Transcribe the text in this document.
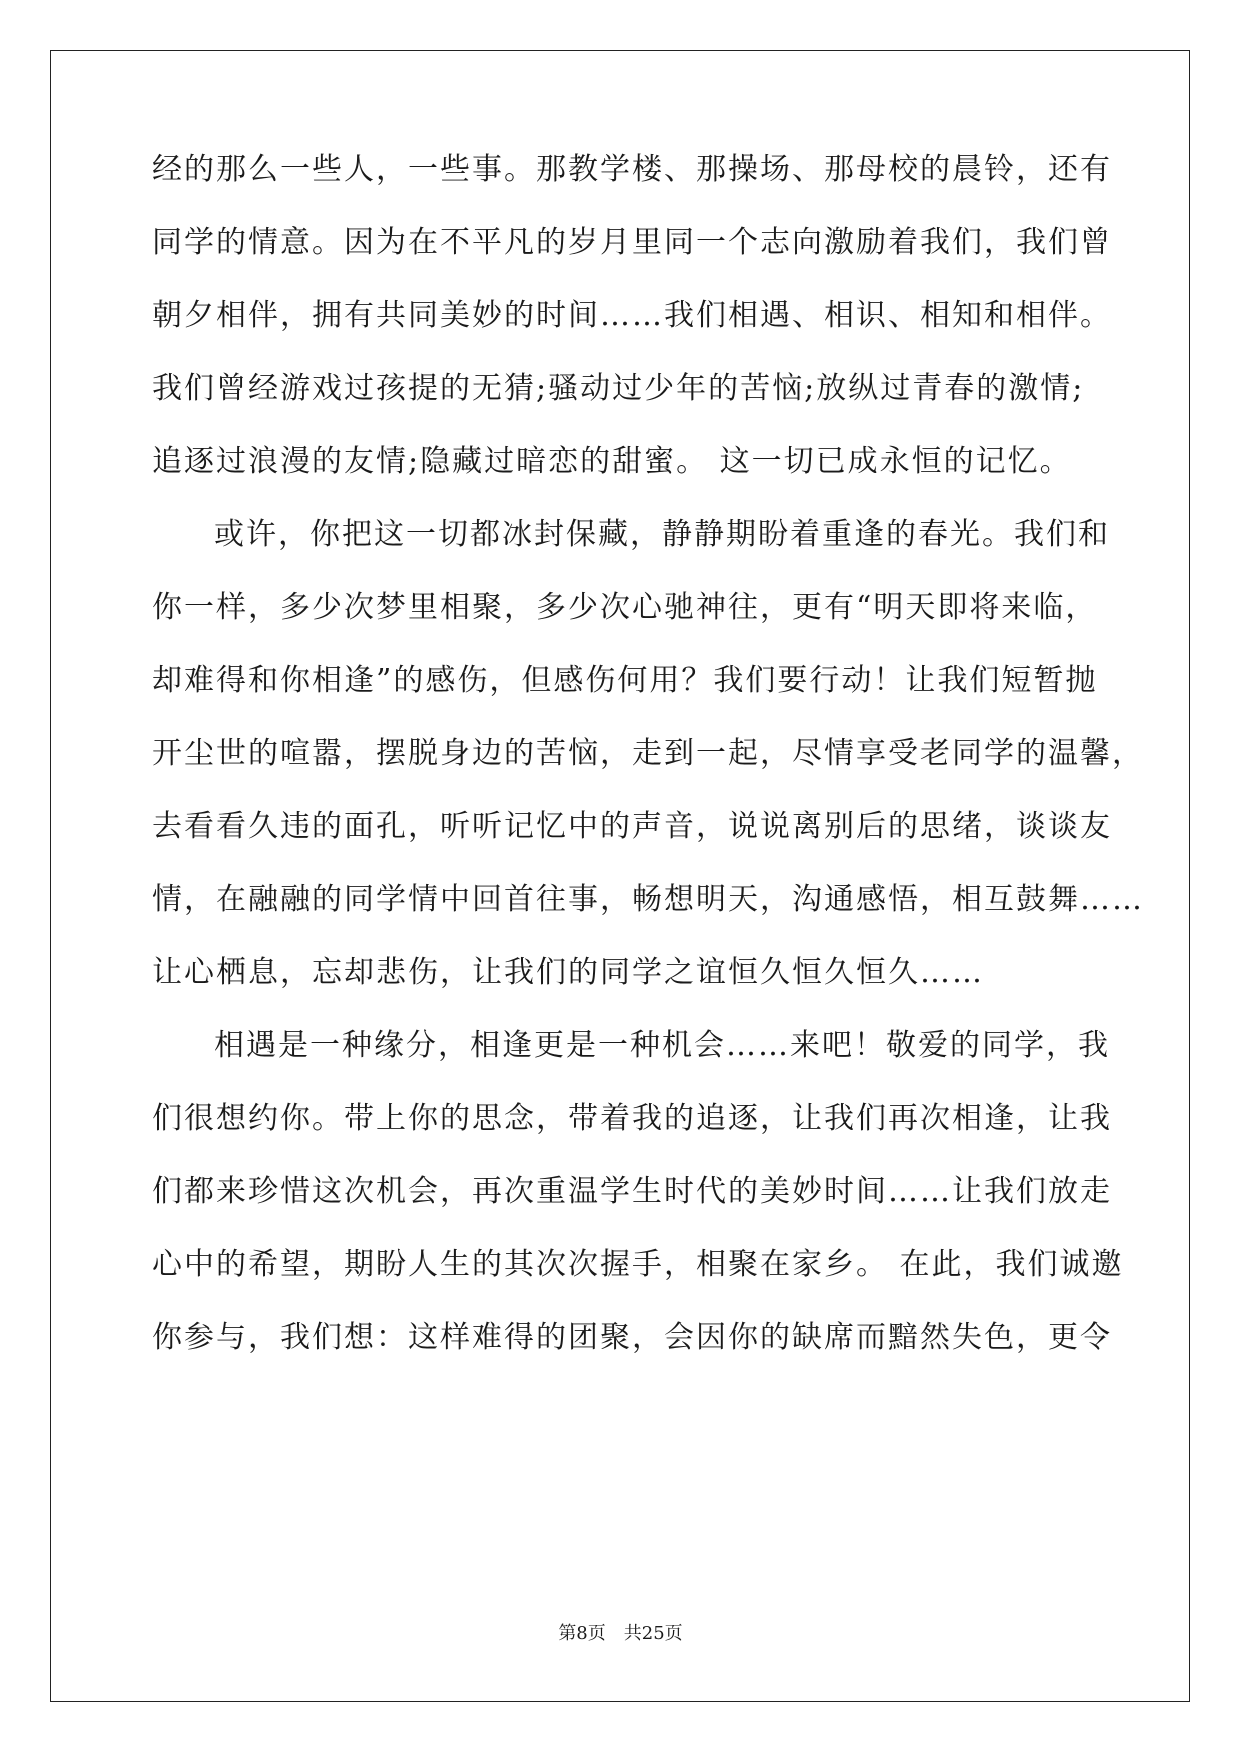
经的那么一些人，一些事。那教学楼、那操场、那母校的晨铃，还有
同学的情意。因为在不平凡的岁月里同一个志向激励着我们，我们曾
朝夕相伴，拥有共同美妙的时间……我们相遇、相识、相知和相伴。
我们曾经游戏过孩提的无猜;骚动过少年的苦恼;放纵过青春的激情;
追逐过浪漫的友情;隐藏过暗恋的甜蜜。 这一切已成永恒的记忆。
或许，你把这一切都冰封保藏，静静期盼着重逢的春光。我们和
你一样，多少次梦里相聚，多少次心驰神往，更有“明天即将来临，
却难得和你相逢”的感伤，但感伤何用？我们要行动！让我们短暂抛
开尘世的喧嚣，摆脱身边的苦恼，走到一起，尽情享受老同学的温馨，
去看看久违的面孔，听听记忆中的声音，说说离别后的思绪，谈谈友
情，在融融的同学情中回首往事，畅想明天，沟通感悟，相互鼓舞……
让心栖息，忘却悲伤，让我们的同学之谊恒久恒久恒久……
相遇是一种缘分，相逢更是一种机会……来吧！敬爱的同学，我
们很想约你。带上你的思念，带着我的追逐，让我们再次相逢，让我
们都来珍惜这次机会，再次重温学生时代的美妙时间……让我们放走
心中的希望，期盼人生的其次次握手，相聚在家乡。 在此，我们诚邀
你参与，我们想：这样难得的团聚，会因你的缺席而黯然失色，更令
第8页 共25页
